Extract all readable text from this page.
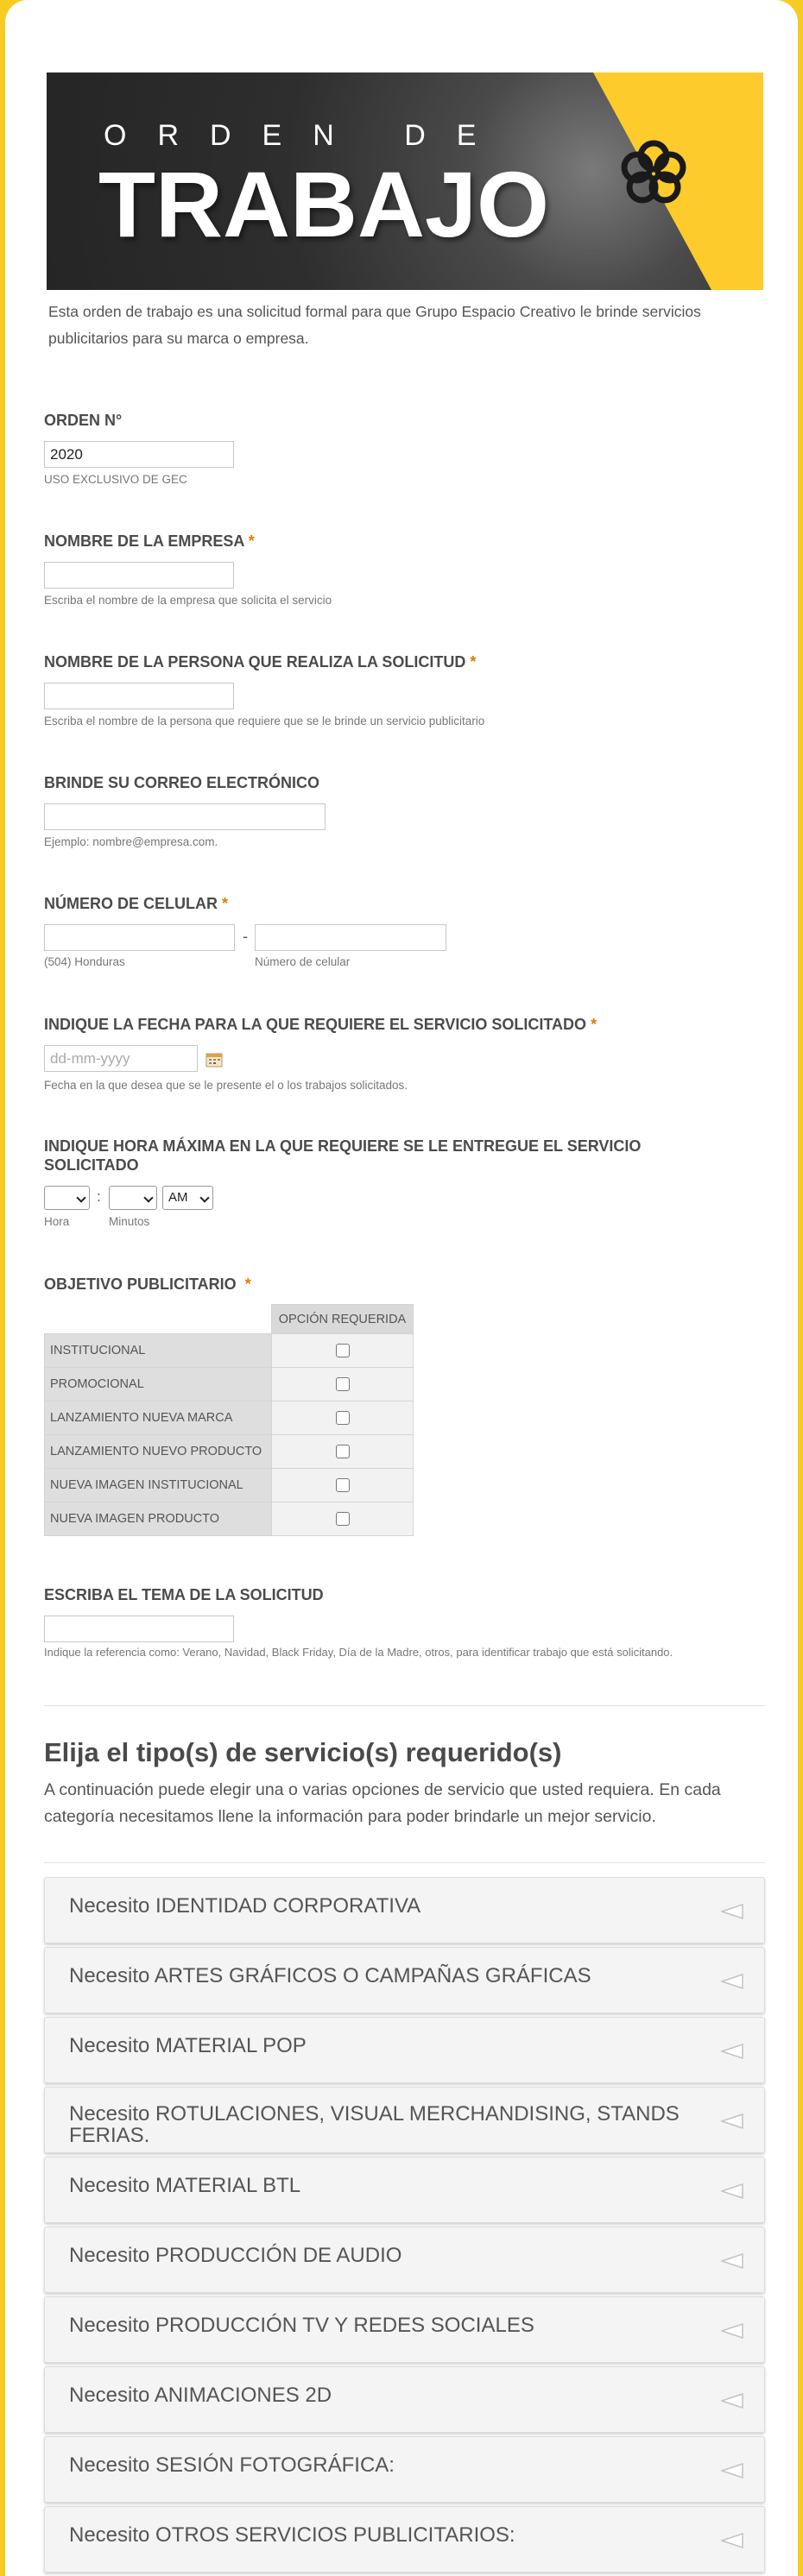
ORDEN DE
TRABAJO
Esta orden de trabajo es una solicitud formal para que Grupo Espacio Creativo le brinde servicios publicitarios para su marca o empresa.
ORDEN N°
2020
USO EXCLUSIVO DE GEC
NOMBRE DE LA EMPRESA *
Escriba el nombre de la empresa que solicita el servicio
NOMBRE DE LA PERSONA QUE REALIZA LA SOLICITUD *
Escriba el nombre de la persona que requiere que se le brinde un servicio publicitario
BRINDE SU CORREO ELECTRÓNICO
Ejemplo: nombre@empresa.com.
NÚMERO DE CELULAR *
-
(504) Honduras	Número de celular
INDIQUE LA FECHA PARA LA QUE REQUIERE EL SERVICIO SOLICITADO *
dd-mm-yyyy
Fecha en la que desea que se le presente el o los trabajos solicitados.
INDIQUE HORA MÁXIMA EN LA QUE REQUIERE SE LE ENTREGUE EL SERVICIO SOLICITADO
:	AM
Hora	Minutos
OBJETIVO PUBLICITARIO *
	OPCIÓN REQUERIDA
INSTITUCIONAL	
PROMOCIONAL	
LANZAMIENTO NUEVA MARCA	
LANZAMIENTO NUEVO PRODUCTO	
NUEVA IMAGEN INSTITUCIONAL	
NUEVA IMAGEN PRODUCTO	
ESCRIBA EL TEMA DE LA SOLICITUD
Indique la referencia como: Verano, Navidad, Black Friday, Día de la Madre, otros, para identificar trabajo que está solicitando.
Elija el tipo(s) de servicio(s) requerido(s)
A continuación puede elegir una o varias opciones de servicio que usted requiera. En cada categoría necesitamos llene la información para poder brindarle un mejor servicio.
Necesito IDENTIDAD CORPORATIVA
Necesito ARTES GRÁFICOS O CAMPAÑAS GRÁFICAS
Necesito MATERIAL POP
Necesito ROTULACIONES, VISUAL MERCHANDISING, STANDS FERIAS.
Necesito MATERIAL BTL
Necesito PRODUCCIÓN DE AUDIO
Necesito PRODUCCIÓN TV Y REDES SOCIALES
Necesito ANIMACIONES 2D
Necesito SESIÓN FOTOGRÁFICA:
Necesito OTROS SERVICIOS PUBLICITARIOS:
